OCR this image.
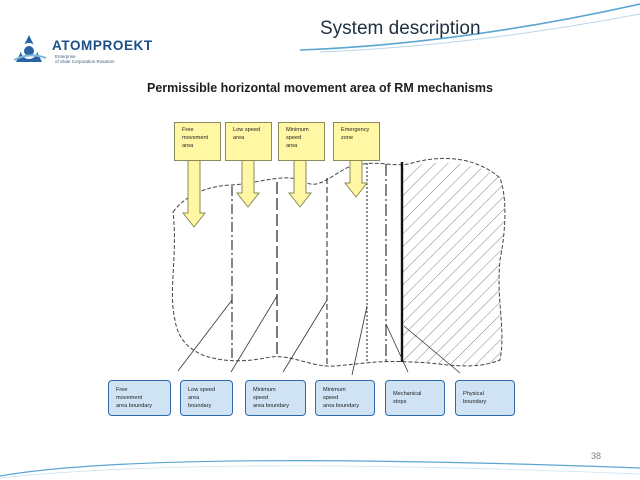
ATOMPROEKT
Enterprise
of State Corporation Rosatom
System description
Permissible horizontal movement area of RM mechanisms
Free
movement
area
Low speed
area
Minimum
speed
area
Emergency
zone
Free
movement
area boundary
Low speed
area
boundary
Minimum
speed
area boundary
Minimum
speed
area boundary
Mechanical
stops
Physical
boundary
38
